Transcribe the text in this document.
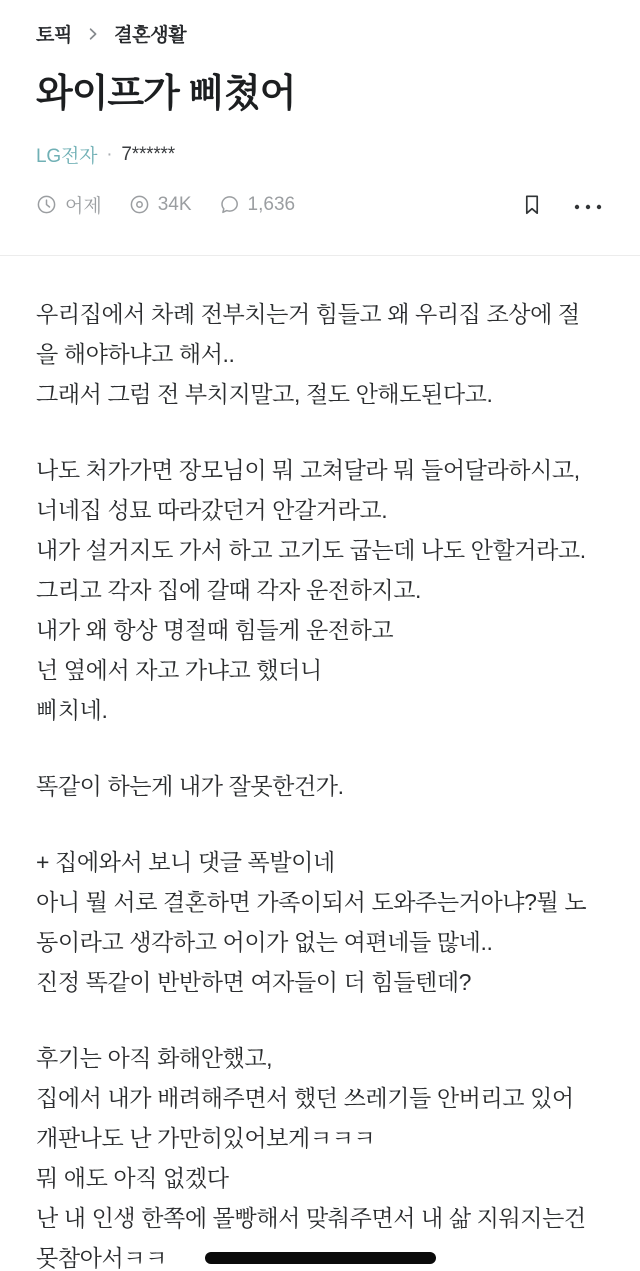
토픽 결혼생활
와이프가 삐쳤어
LG전자 · 7******
어제	34K	1,636
우리집에서 차례 전부치는거 힘들고 왜 우리집 조상에 절
을 해야하냐고 해서..
그래서 그럼 전 부치지말고, 절도 안해도된다고.
나도 처가가면 장모님이 뭐 고쳐달라 뭐 들어달라하시고,
너네집 성묘 따라갔던거 안갈거라고.
내가 설거지도 가서 하고 고기도 굽는데 나도 안할거라고.
그리고 각자 집에 갈때 각자 운전하지고.
내가 왜 항상 명절때 힘들게 운전하고
넌 옆에서 자고 가냐고 했더니
삐치네.
똑같이 하는게 내가 잘못한건가.
+ 집에와서 보니 댓글 폭발이네
아니 뭘 서로 결혼하면 가족이되서 도와주는거아냐?뭘 노
동이라고 생각하고 어이가 없는 여편네들 많네..
진정 똑같이 반반하면 여자들이 더 힘들텐데?
후기는 아직 화해안했고,
집에서 내가 배려해주면서 했던 쓰레기들 안버리고 있어
개판나도 난 가만히있어보게ㅋㅋㅋ
뭐 애도 아직 없겠다
난 내 인생 한쪽에 몰빵해서 맞춰주면서 내 삶 지워지는건
못참아서ㅋㅋ
